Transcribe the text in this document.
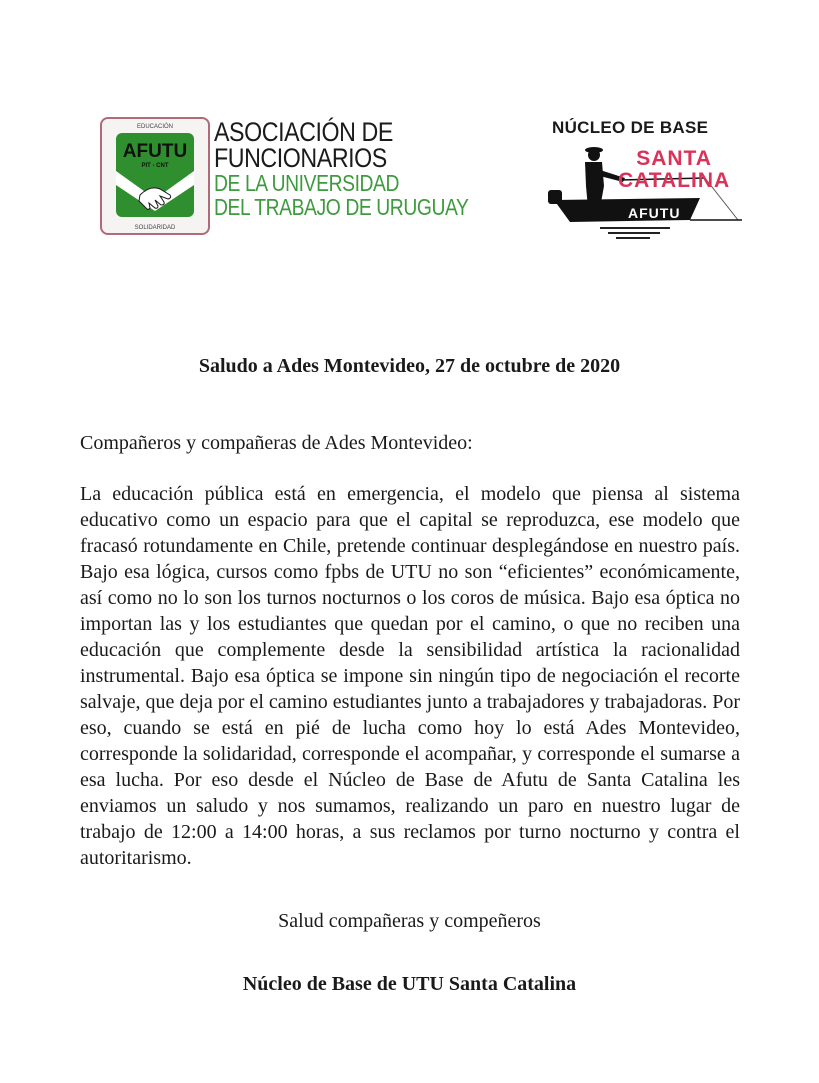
EDUCACIÓN
SOLIDARIDAD
AFUTU
PIT - CNT
ASOCIACIÓN DE
FUNCIONARIOS
DE LA UNIVERSIDAD
DEL TRABAJO DE URUGUAY
NÚCLEO DE BASE
SANTA
CATALINA
AFUTU
Saludo a Ades Montevideo, 27 de octubre de 2020
Compañeros y compañeras de Ades Montevideo:
La educación pública está en emergencia, el modelo que piensa al sistema educativo como un espacio para que el capital se reproduzca, ese modelo que fracasó rotundamente en Chile, pretende continuar desplegándose en nuestro país. Bajo esa lógica, cursos como fpbs de UTU no son “eficientes” económicamente, así como no lo son los turnos nocturnos o los coros de música. Bajo esa óptica no importan las y los estudiantes que quedan por el camino, o que no reciben una educación que complemente desde la sensibilidad artística la racionalidad instrumental. Bajo esa óptica se impone sin ningún tipo de negociación el recorte salvaje, que deja por el camino estudiantes junto a trabajadores y trabajadoras. Por eso, cuando se está en pié de lucha como hoy lo está Ades Montevideo, corresponde la solidaridad, corresponde el acompañar, y corresponde el sumarse a esa lucha. Por eso desde el Núcleo de Base de Afutu de Santa Catalina les enviamos un saludo y nos sumamos, realizando un paro en nuestro lugar de trabajo de 12:00 a 14:00 horas, a sus reclamos por turno nocturno y contra el autoritarismo.
Salud compañeras y compeñeros
Núcleo de Base de UTU Santa Catalina
